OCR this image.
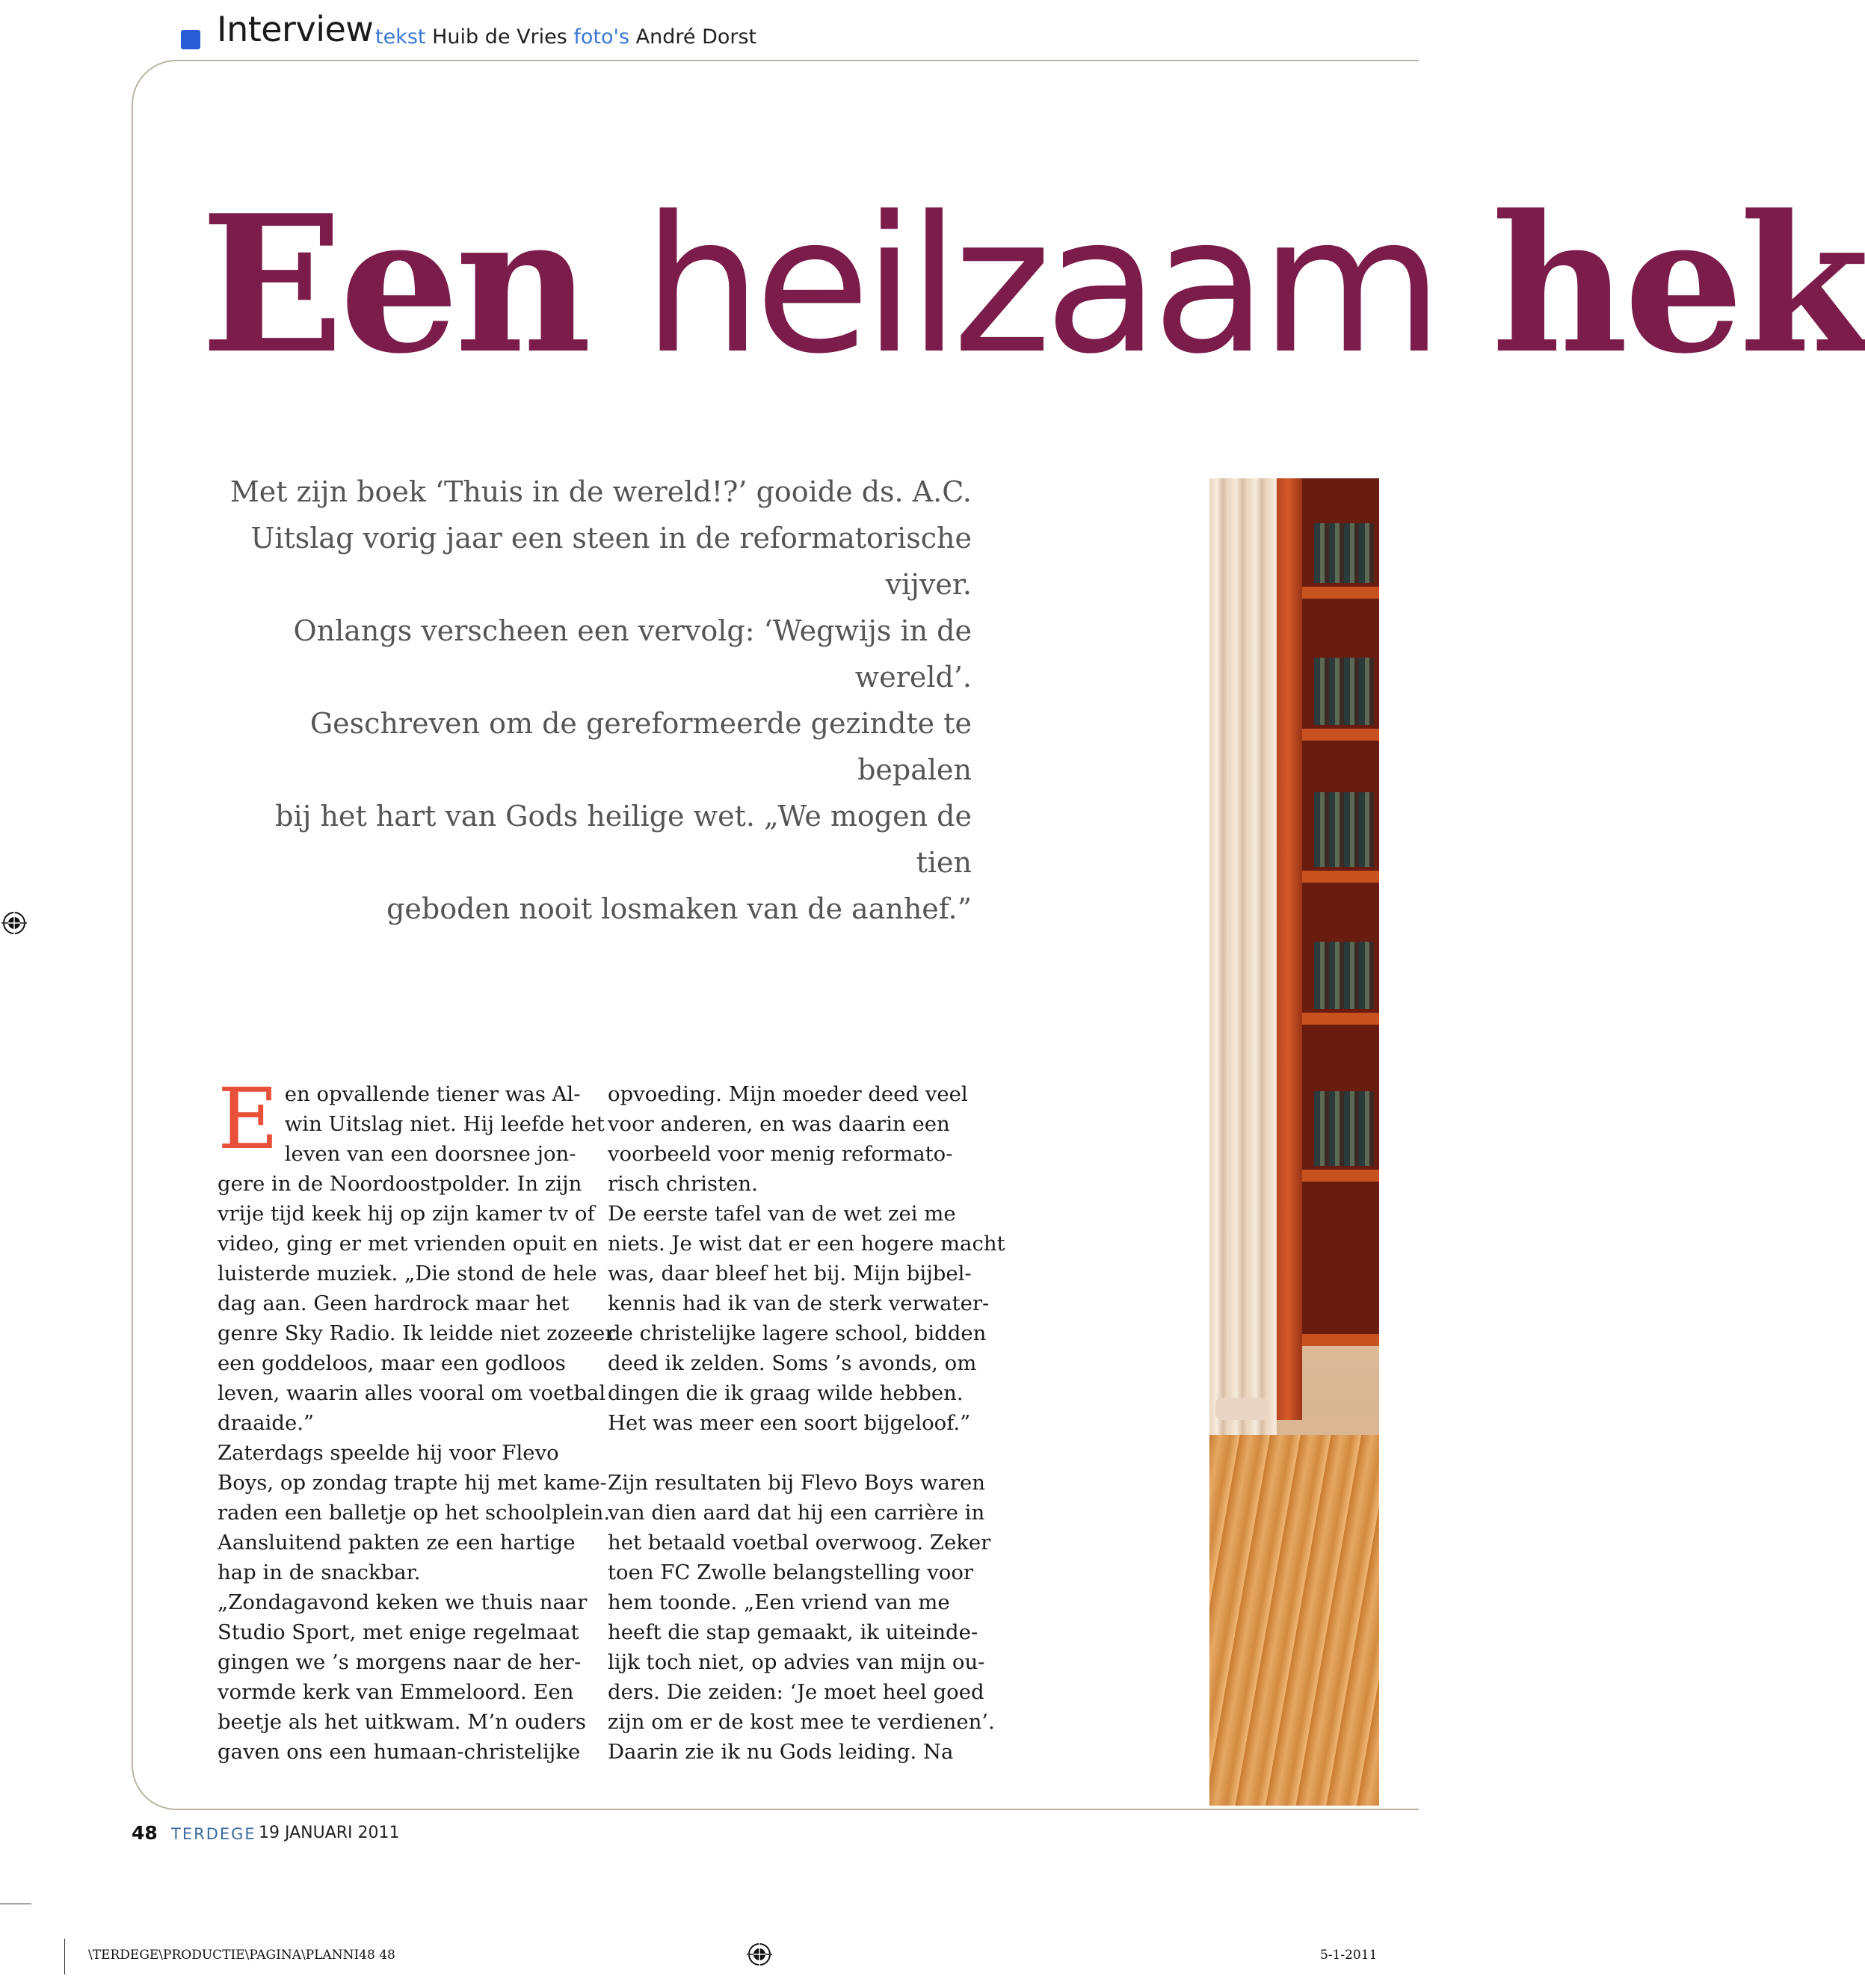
Interview tekst Huib de Vries foto's André Dorst
Een heilzaam hek

Met zijn boek ‘Thuis in de wereld!?’ gooide ds. A.C.

Uitslag vorig jaar een steen in de reformatorische vijver.

Onlangs verscheen een vervolg: ‘Wegwijs in de wereld’.

Geschreven om de gereformeerde gezindte te bepalen

bij het hart van Gods heilige wet. „We mogen de tien

geboden nooit losmaken van de aanhef.”

E en opvallende tiener was Al-

win Uitslag niet. Hij leefde het

leven van een doorsnee jon-

gere in de Noordoostpolder. In zijn

vrije tijd keek hij op zijn kamer tv of

video, ging er met vrienden opuit en

luisterde muziek. „Die stond de hele

dag aan. Geen hardrock maar het

genre Sky Radio. Ik leidde niet zozeer

een goddeloos, maar een godloos

leven, waarin alles vooral om voetbal

draaide.”

Zaterdags speelde hij voor Flevo

Boys, op zondag trapte hij met kame-

raden een balletje op het schoolplein.

Aansluitend pakten ze een hartige

hap in de snackbar.

„Zondagavond keken we thuis naar

Studio Sport, met enige regelmaat

gingen we ’s morgens naar de her-

vormde kerk van Emmeloord. Een

beetje als het uitkwam. M’n ouders

gaven ons een humaan-christelijke

opvoeding. Mijn moeder deed veel

voor anderen, en was daarin een

voorbeeld voor menig reformato-

risch christen.

De eerste tafel van de wet zei me

niets. Je wist dat er een hogere macht

was, daar bleef het bij. Mijn bijbel-

kennis had ik van de sterk verwater-

de christelijke lagere school, bidden

deed ik zelden. Soms ’s avonds, om

dingen die ik graag wilde hebben.

Het was meer een soort bijgeloof.”

Zijn resultaten bij Flevo Boys waren

van dien aard dat hij een carrière in

het betaald voetbal overwoog. Zeker

toen FC Zwolle belangstelling voor

hem toonde. „Een vriend van me

heeft die stap gemaakt, ik uiteinde-

lijk toch niet, op advies van mijn ou-

ders. Die zeiden: ‘Je moet heel goed

zijn om er de kost mee te verdienen’.

Daarin zie ik nu Gods leiding. Na

48 TERDEGE 19 JANUARI 2011
\TERDEGE\PRODUCTIE\PAGINA\PLANNI48 48	5-1-2011
